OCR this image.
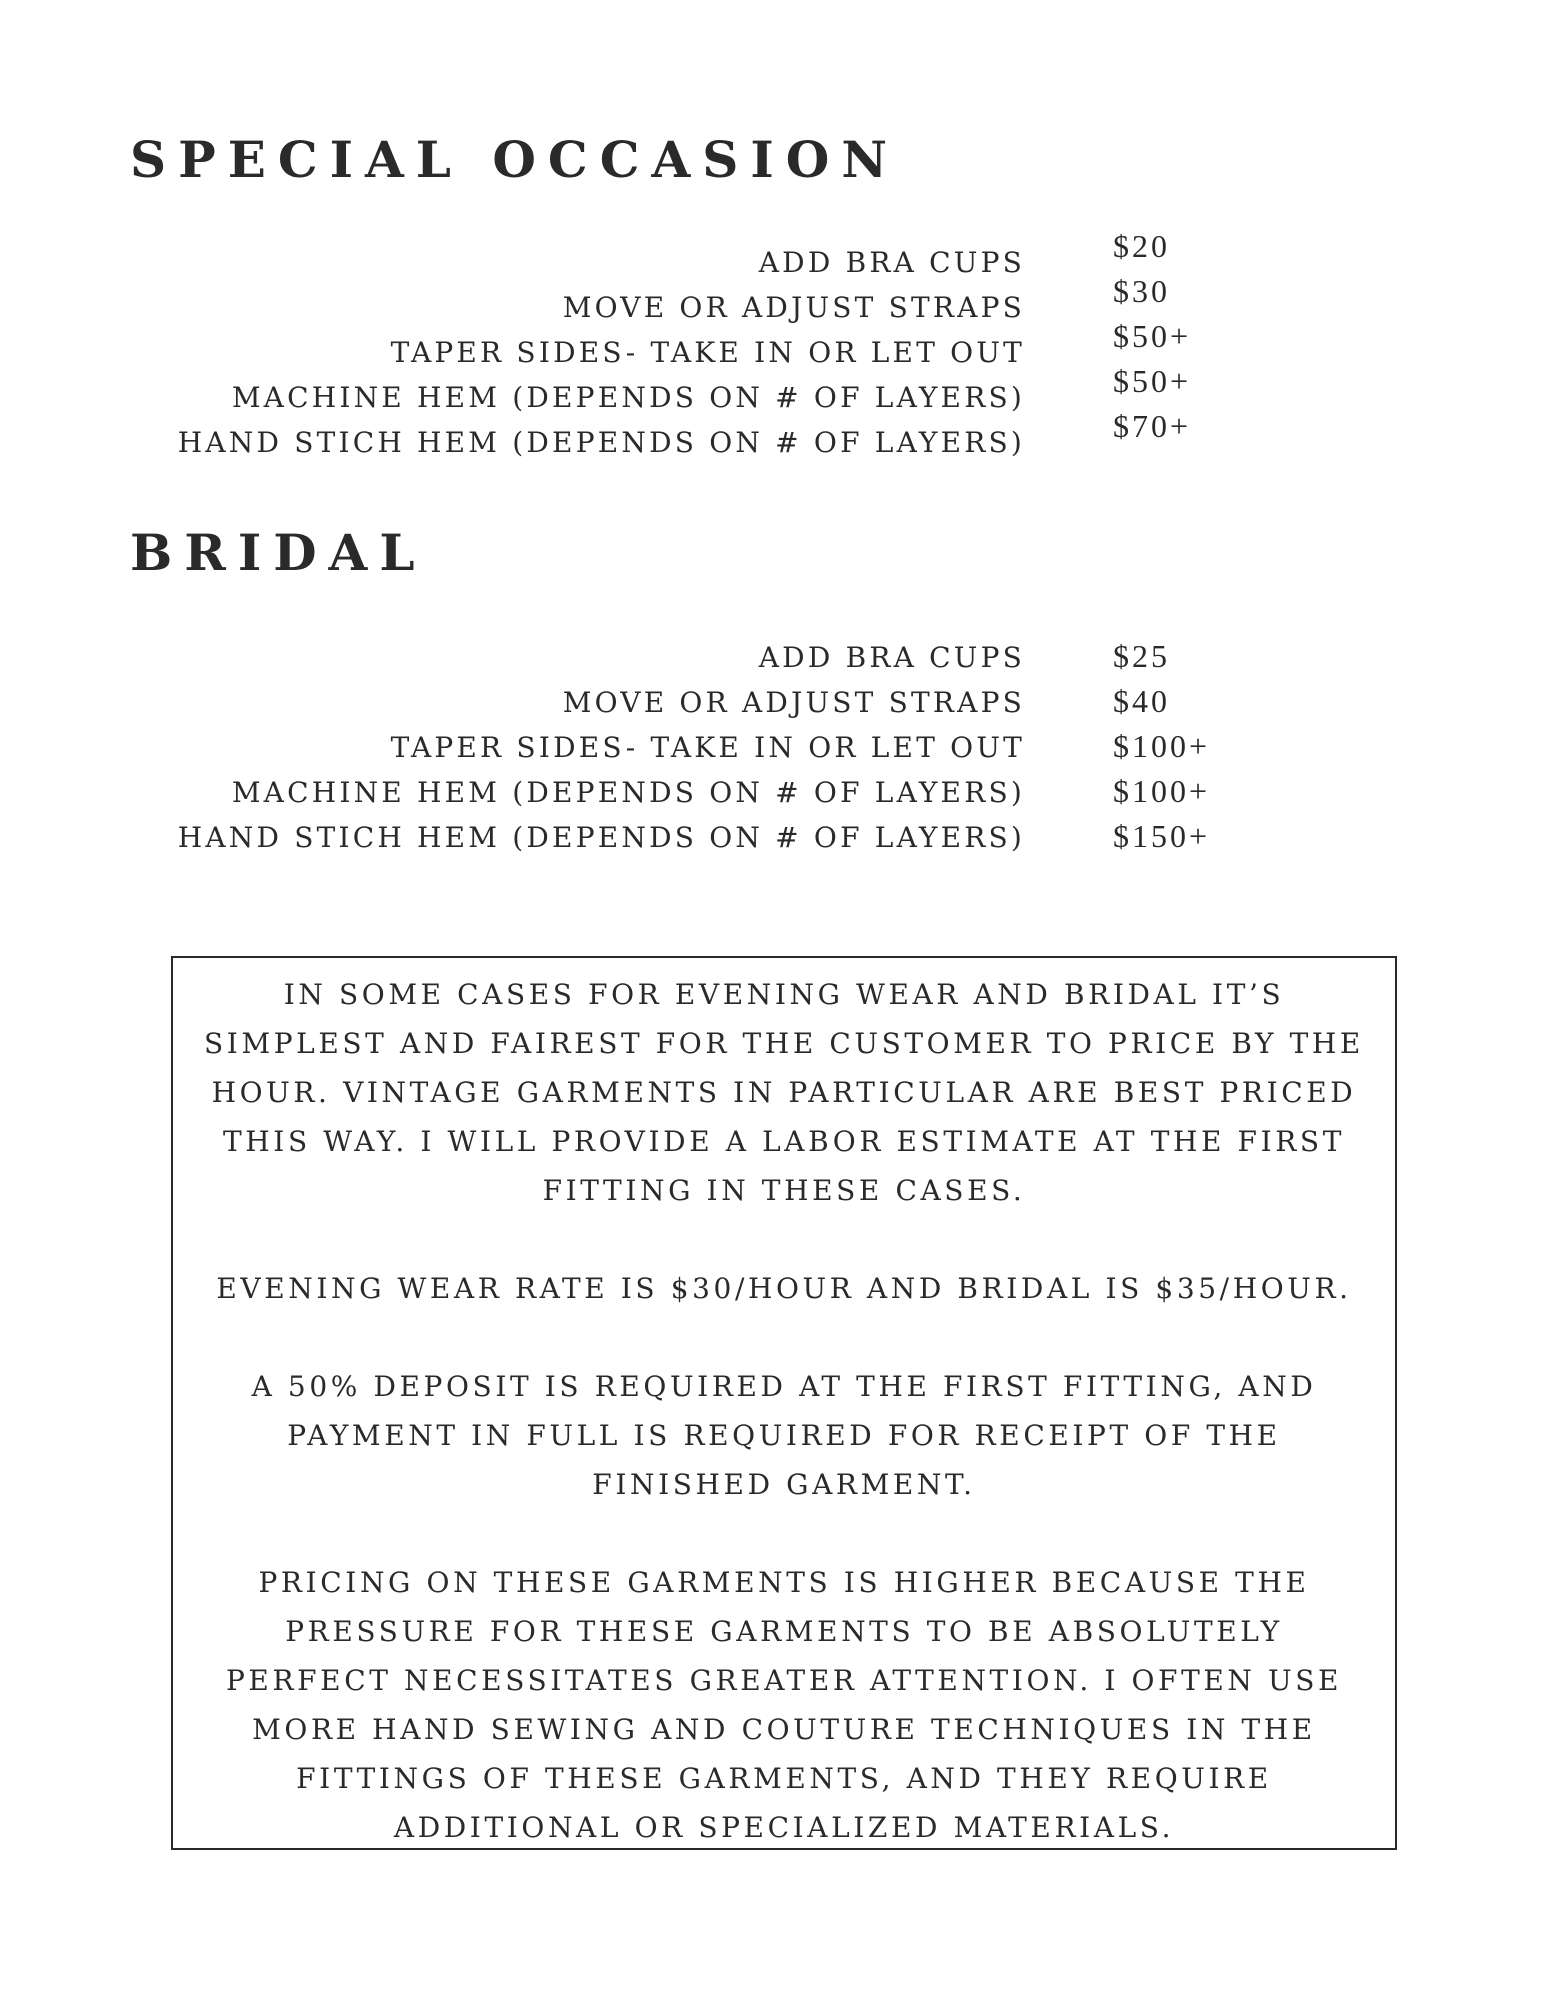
SPECIAL OCCASION
ADD BRA CUPS
MOVE OR ADJUST STRAPS
TAPER SIDES- TAKE IN OR LET OUT
MACHINE HEM (DEPENDS ON # OF LAYERS)
HAND STICH HEM (DEPENDS ON # OF LAYERS)
$20
$30
$50+
$50+
$70+
BRIDAL
ADD BRA CUPS
MOVE OR ADJUST STRAPS
TAPER SIDES- TAKE IN OR LET OUT
MACHINE HEM (DEPENDS ON # OF LAYERS)
HAND STICH HEM (DEPENDS ON # OF LAYERS)
$25
$40
$100+
$100+
$150+

IN SOME CASES FOR EVENING WEAR AND BRIDAL IT’S SIMPLEST AND FAIREST FOR THE CUSTOMER TO PRICE BY THE HOUR. VINTAGE GARMENTS IN PARTICULAR ARE BEST PRICED THIS WAY. I WILL PROVIDE A LABOR ESTIMATE AT THE FIRST FITTING IN THESE CASES.

EVENING WEAR RATE IS $30/HOUR AND BRIDAL IS $35/HOUR.

A 50% DEPOSIT IS REQUIRED AT THE FIRST FITTING, AND PAYMENT IN FULL IS REQUIRED FOR RECEIPT OF THE FINISHED GARMENT.

PRICING ON THESE GARMENTS IS HIGHER BECAUSE THE PRESSURE FOR THESE GARMENTS TO BE ABSOLUTELY PERFECT NECESSITATES GREATER ATTENTION. I OFTEN USE MORE HAND SEWING AND COUTURE TECHNIQUES IN THE FITTINGS OF THESE GARMENTS, AND THEY REQUIRE ADDITIONAL OR SPECIALIZED MATERIALS.
